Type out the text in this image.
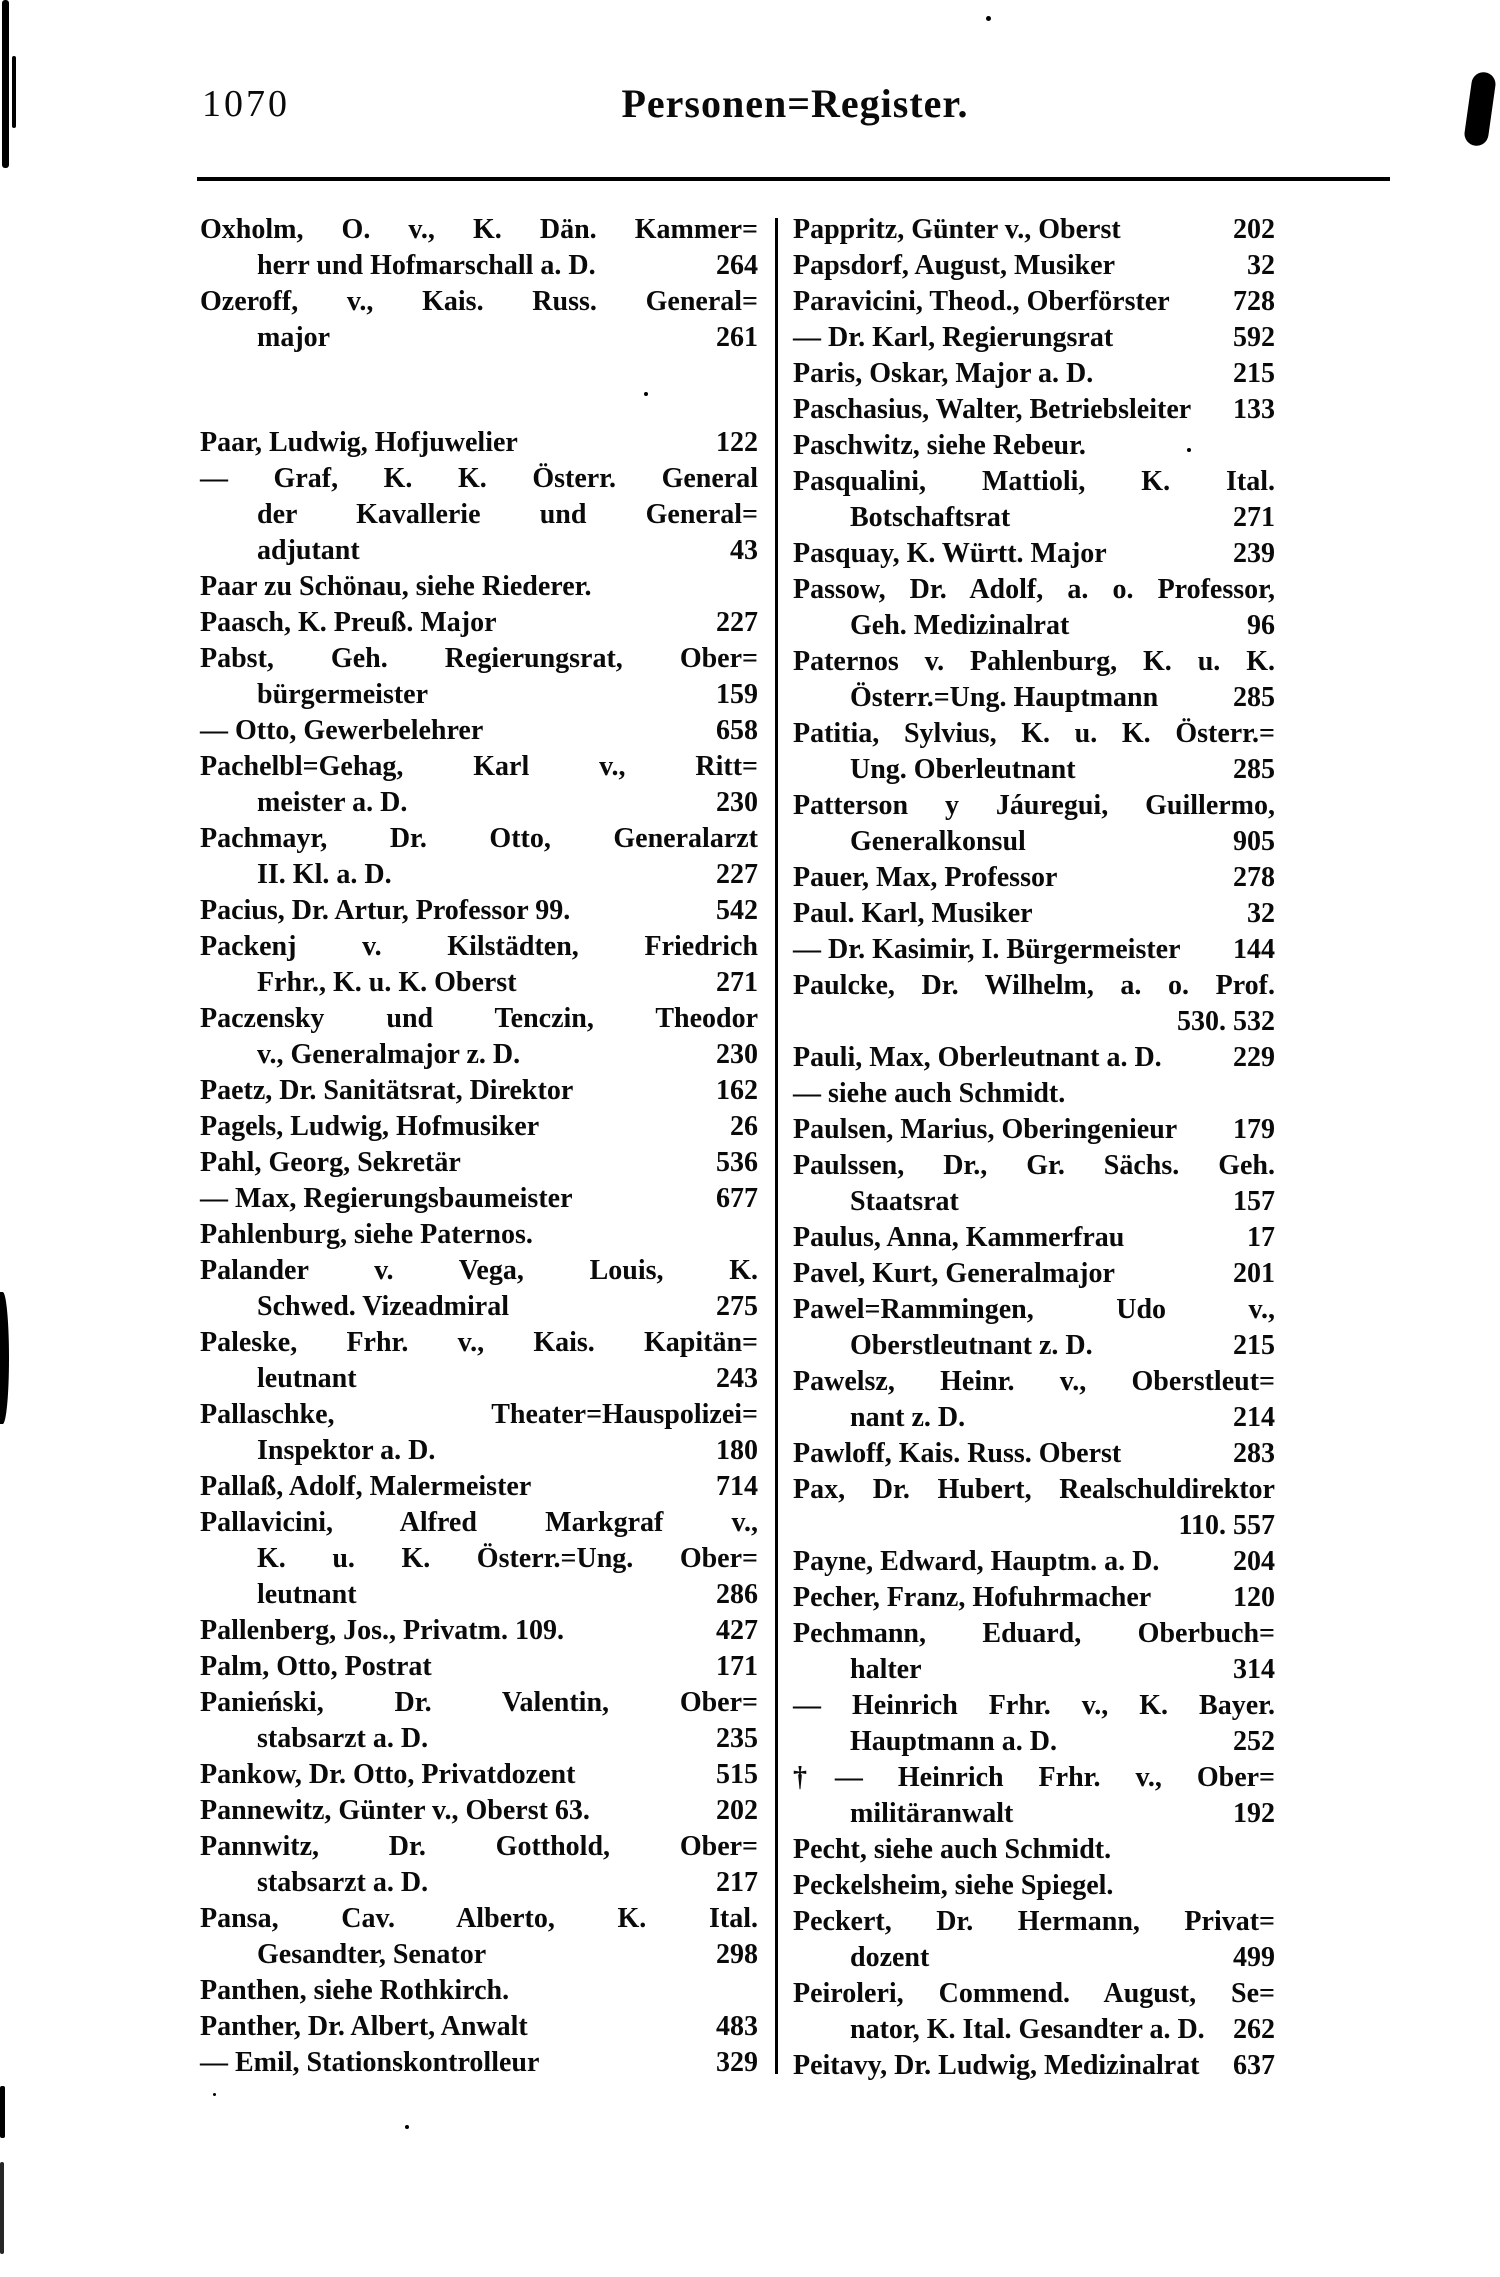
1070	Personen=Register.
Oxholm, O. v., K. Dän. Kammer=
herr und Hofmarschall a. D.	264
Ozeroff, v., Kais. Russ. General=
major	261
Paar, Ludwig, Hofjuwelier	122
— Graf, K. K. Österr. General
der Kavallerie und General=
adjutant	43
Paar zu Schönau, siehe Riederer.
Paasch, K. Preuß. Major	227
Pabst, Geh. Regierungsrat, Ober=
bürgermeister	159
— Otto, Gewerbelehrer	658
Pachelbl=Gehag, Karl v., Ritt=
meister a. D.	230
Pachmayr, Dr. Otto, Generalarzt
II. Kl. a. D.	227
Pacius, Dr. Artur, Professor 99.	542
Packenj v. Kilstädten, Friedrich
Frhr., K. u. K. Oberst	271
Paczensky und Tenczin, Theodor
v., Generalmajor z. D.	230
Paetz, Dr. Sanitätsrat, Direktor	162
Pagels, Ludwig, Hofmusiker	26
Pahl, Georg, Sekretär	536
— Max, Regierungsbaumeister	677
Pahlenburg, siehe Paternos.
Palander v. Vega, Louis, K.
Schwed. Vizeadmiral	275
Paleske, Frhr. v., Kais. Kapitän=
leutnant	243
Pallaschke, Theater=Hauspolizei=
Inspektor a. D.	180
Pallaß, Adolf, Malermeister	714
Pallavicini, Alfred Markgraf v.,
K. u. K. Österr.=Ung. Ober=
leutnant	286
Pallenberg, Jos., Privatm. 109.	427
Palm, Otto, Postrat	171
Panieński, Dr. Valentin, Ober=
stabsarzt a. D.	235
Pankow, Dr. Otto, Privatdozent	515
Pannewitz, Günter v., Oberst 63.	202
Pannwitz, Dr. Gotthold, Ober=
stabsarzt a. D.	217
Pansa, Cav. Alberto, K. Ital.
Gesandter, Senator	298
Panthen, siehe Rothkirch.
Panther, Dr. Albert, Anwalt	483
— Emil, Stationskontrolleur	329
Pappritz, Günter v., Oberst	202
Papsdorf, August, Musiker	32
Paravicini, Theod., Oberförster 728
— Dr. Karl, Regierungsrat	592
Paris, Oskar, Major a. D.	215
Paschasius, Walter, Betriebsleiter 133
Paschwitz, siehe Rebeur.
Pasqualini, Mattioli, K. Ital.
Botschaftsrat	271
Pasquay, K. Württ. Major	239
Passow, Dr. Adolf, a. o. Professor,
Geh. Medizinalrat	96
Paternos v. Pahlenburg, K. u. K.
Österr.=Ung. Hauptmann	285
Patitia, Sylvius, K. u. K. Österr.=
Ung. Oberleutnant	285
Patterson y Jáuregui, Guillermo,
Generalkonsul	905
Pauer, Max, Professor	278
Paul. Karl, Musiker	32
— Dr. Kasimir, I. Bürgermeister 144
Paulcke, Dr. Wilhelm, a. o. Prof.
530. 532
Pauli, Max, Oberleutnant a. D.	229
— siehe auch Schmidt.
Paulsen, Marius, Oberingenieur 179
Paulssen, Dr., Gr. Sächs. Geh.
Staatsrat	157
Paulus, Anna, Kammerfrau	17
Pavel, Kurt, Generalmajor	201
Pawel=Rammingen, Udo v.,
Oberstleutnant z. D.	215
Pawelsz, Heinr. v., Oberstleut=
nant z. D.	214
Pawloff, Kais. Russ. Oberst	283
Pax, Dr. Hubert, Realschuldirektor
110. 557
Payne, Edward, Hauptm. a. D.	204
Pecher, Franz, Hofuhrmacher	120
Pechmann, Eduard, Oberbuch=
halter	314
— Heinrich Frhr. v., K. Bayer.
Hauptmann a. D.	252
†— Heinrich Frhr. v., Ober=
militäranwalt	192
Pecht, siehe auch Schmidt.
Peckelsheim, siehe Spiegel.
Peckert, Dr. Hermann, Privat=
dozent	499
Peiroleri, Commend. August, Se=
nator, K. Ital. Gesandter a. D. 262
Peitavy, Dr. Ludwig, Medizinalrat 637
